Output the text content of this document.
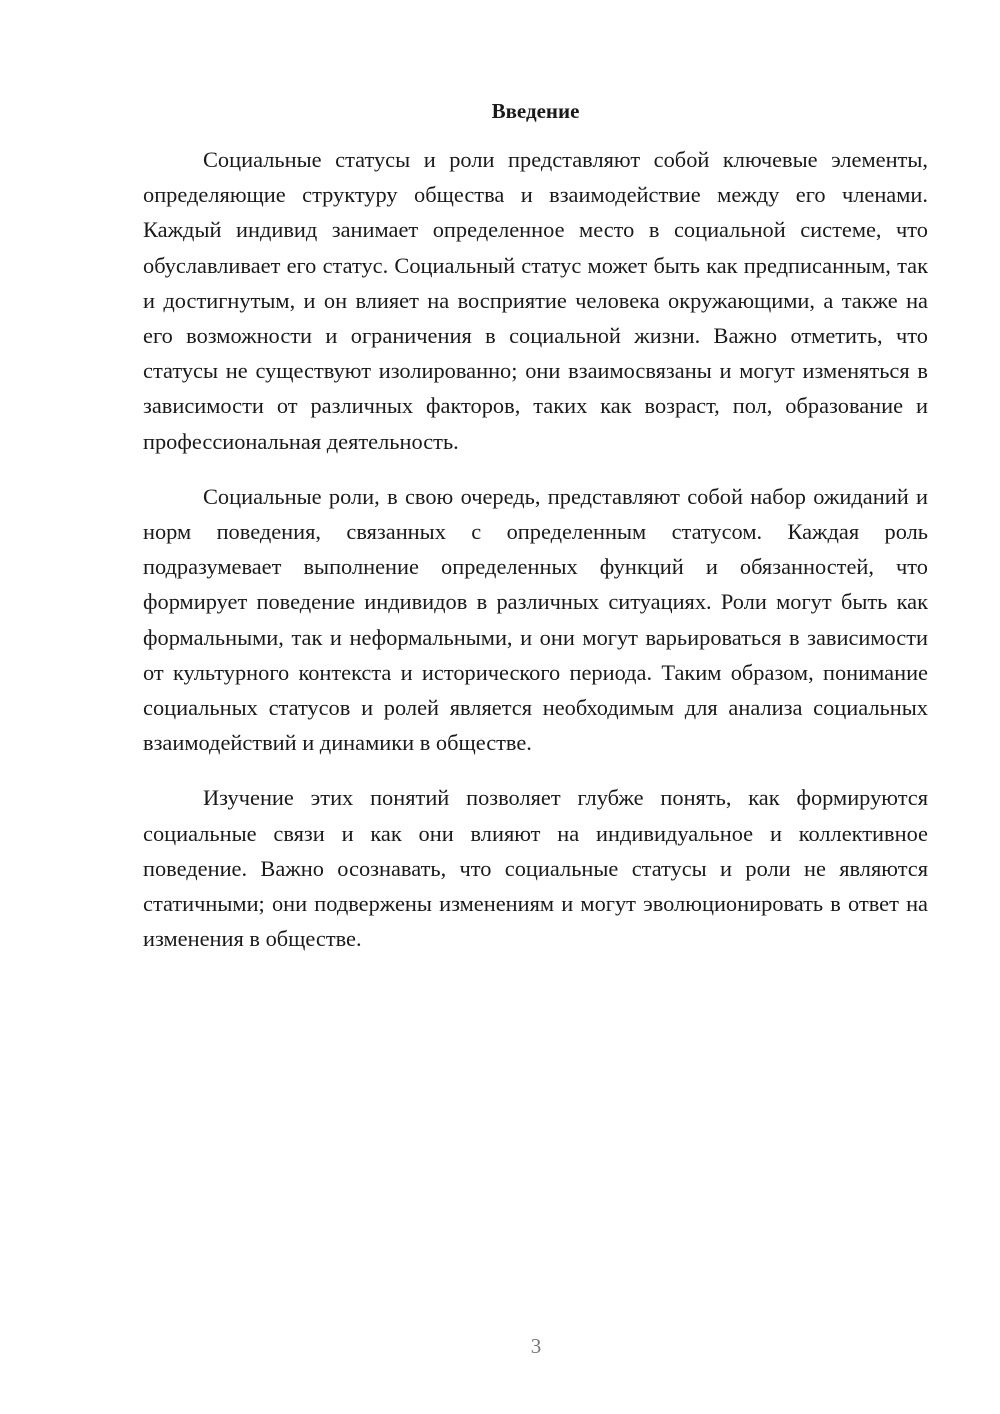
Введение

Социальные статусы и роли представляют собой ключевые элементы, определяющие структуру общества и взаимодействие между его членами. Каждый индивид занимает определенное место в социальной системе, что обуславливает его статус. Социальный статус может быть как предписанным, так и достигнутым, и он влияет на восприятие человека окружающими, а также на его возможности и ограничения в социальной жизни. Важно отметить, что статусы не существуют изолированно; они взаимосвязаны и могут изменяться в зависимости от различных факторов, таких как возраст, пол, образование и профессиональная деятельность.

Социальные роли, в свою очередь, представляют собой набор ожиданий и норм поведения, связанных с определенным статусом. Каждая роль подразумевает выполнение определенных функций и обязанностей, что формирует поведение индивидов в различных ситуациях. Роли могут быть как формальными, так и неформальными, и они могут варьироваться в зависимости от культурного контекста и исторического периода. Таким образом, понимание социальных статусов и ролей является необходимым для анализа социальных взаимодействий и динамики в обществе.

Изучение этих понятий позволяет глубже понять, как формируются социальные связи и как они влияют на индивидуальное и коллективное поведение. Важно осознавать, что социальные статусы и роли не являются статичными; они подвержены изменениям и могут эволюционировать в ответ на изменения в обществе.

3
